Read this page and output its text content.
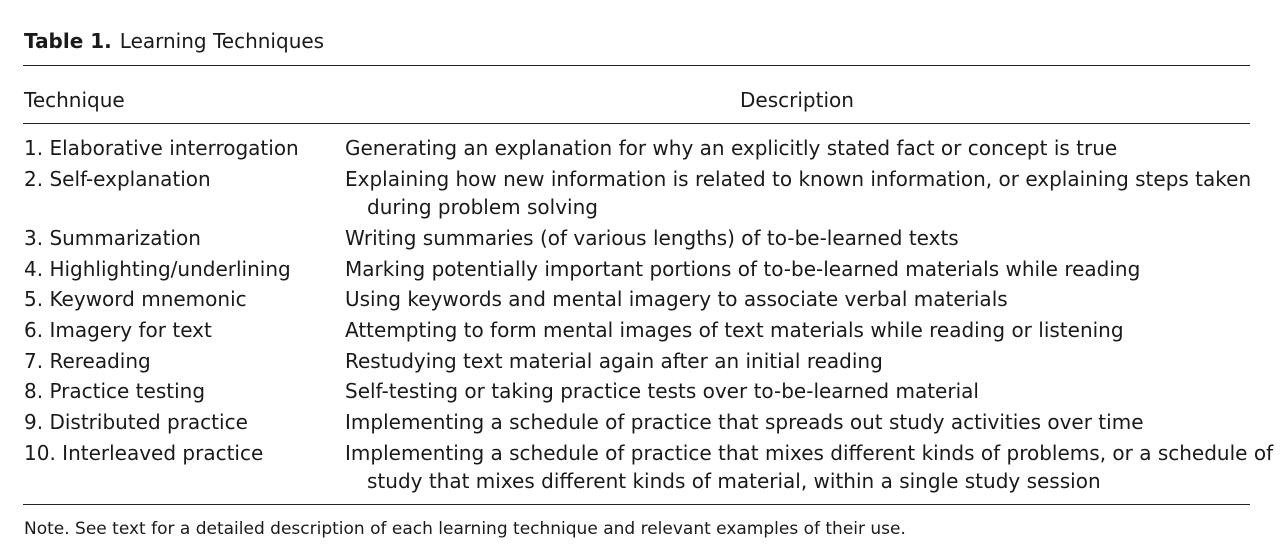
Table 1. Learning Techniques
Technique	Description
1. Elaborative interrogation	Generating an explanation for why an explicitly stated fact or concept is true
2. Self-explanation	Explaining how new information is related to known information, or explaining steps taken
during problem solving
3. Summarization	Writing summaries (of various lengths) of to-be-learned texts
4. Highlighting/underlining	Marking potentially important portions of to-be-learned materials while reading
5. Keyword mnemonic	Using keywords and mental imagery to associate verbal materials
6. Imagery for text	Attempting to form mental images of text materials while reading or listening
7. Rereading	Restudying text material again after an initial reading
8. Practice testing	Self-testing or taking practice tests over to-be-learned material
9. Distributed practice	Implementing a schedule of practice that spreads out study activities over time
10. Interleaved practice	Implementing a schedule of practice that mixes different kinds of problems, or a schedule of
study that mixes different kinds of material, within a single study session
Note. See text for a detailed description of each learning technique and relevant examples of their use.
